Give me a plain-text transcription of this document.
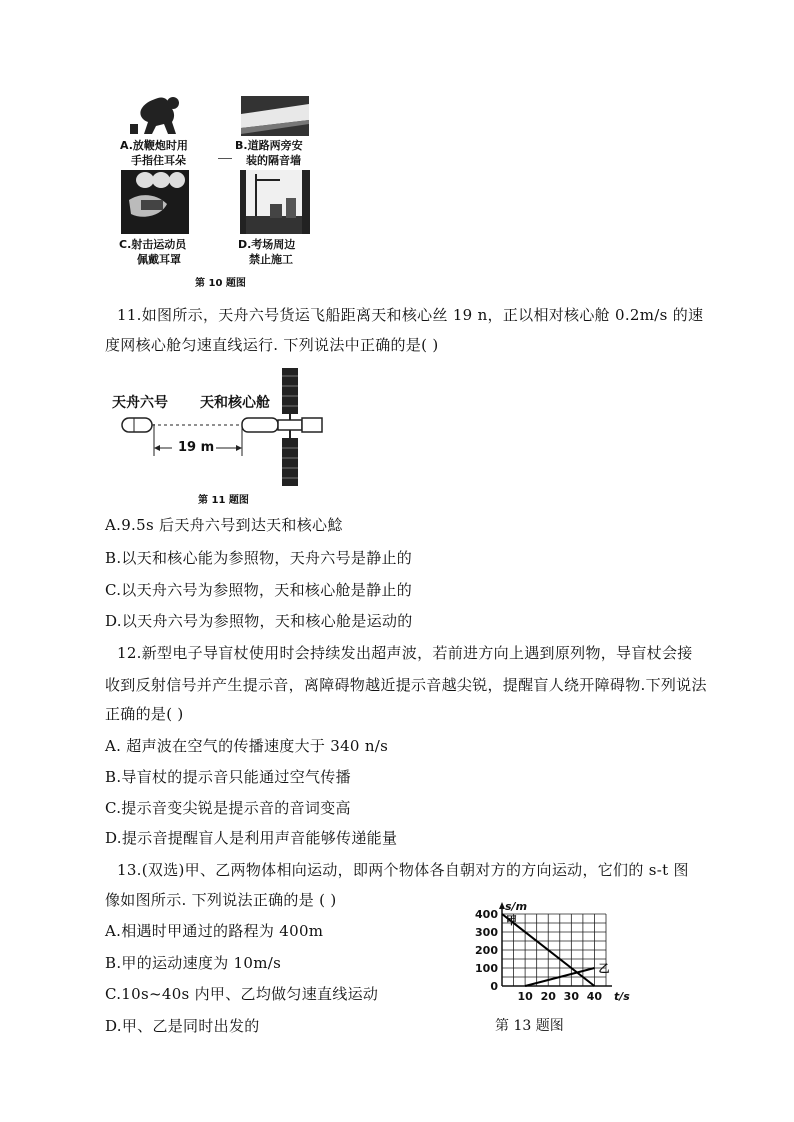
A.放鞭炮时用
手指住耳朵
B.道路两旁安
装的隔音墙
C.射击运动员
佩戴耳罩
D.考场周边
禁止施工
第 10 题图
11.如图所示，天舟六号货运飞船距离天和核心丝 19 n，正以相对核心舱 0.2m/s 的速
度网核心舱匀速直线运行. 下列说法中正确的是( )
天舟六号 天和核心舱
19 m
第 11 题图
A.9.5s 后天舟六号到达天和核心鯰
B.以天和核心能为参照物，天舟六号是静止的
C.以天舟六号为参照物，天和核心舱是静止的
D.以天舟六号为参照物，天和核心舱是运动的
12.新型电子导盲杖使用时会持续发出超声波，若前进方向上遇到原列物，导盲杖会接
收到反射信号并产生提示音，离障碍物越近提示音越尖锐，提醒盲人绕开障碍物.下列说法
正确的是( )
A. 超声波在空气的传播速度大于 340 n/s
B.导盲杖的提示音只能通过空气传播
C.提示音变尖锐是提示音的音词变高
D.提示音提醒盲人是利用声音能够传递能量
13.(双选)甲、乙两物体相向运动，即两个物体各自朝对方的方向运动，它们的 s-t 图
像如图所示. 下列说法正确的是 ( )
A.相遇时甲通过的路程为 400m
B.甲的运动速度为 10m/s
C.10s~40s 内甲、乙均做匀速直线运动
D.甲、乙是同时出发的
10 20 30 40
0
100
200
300
400
t/s
s/m
甲
乙
第 13 题图
